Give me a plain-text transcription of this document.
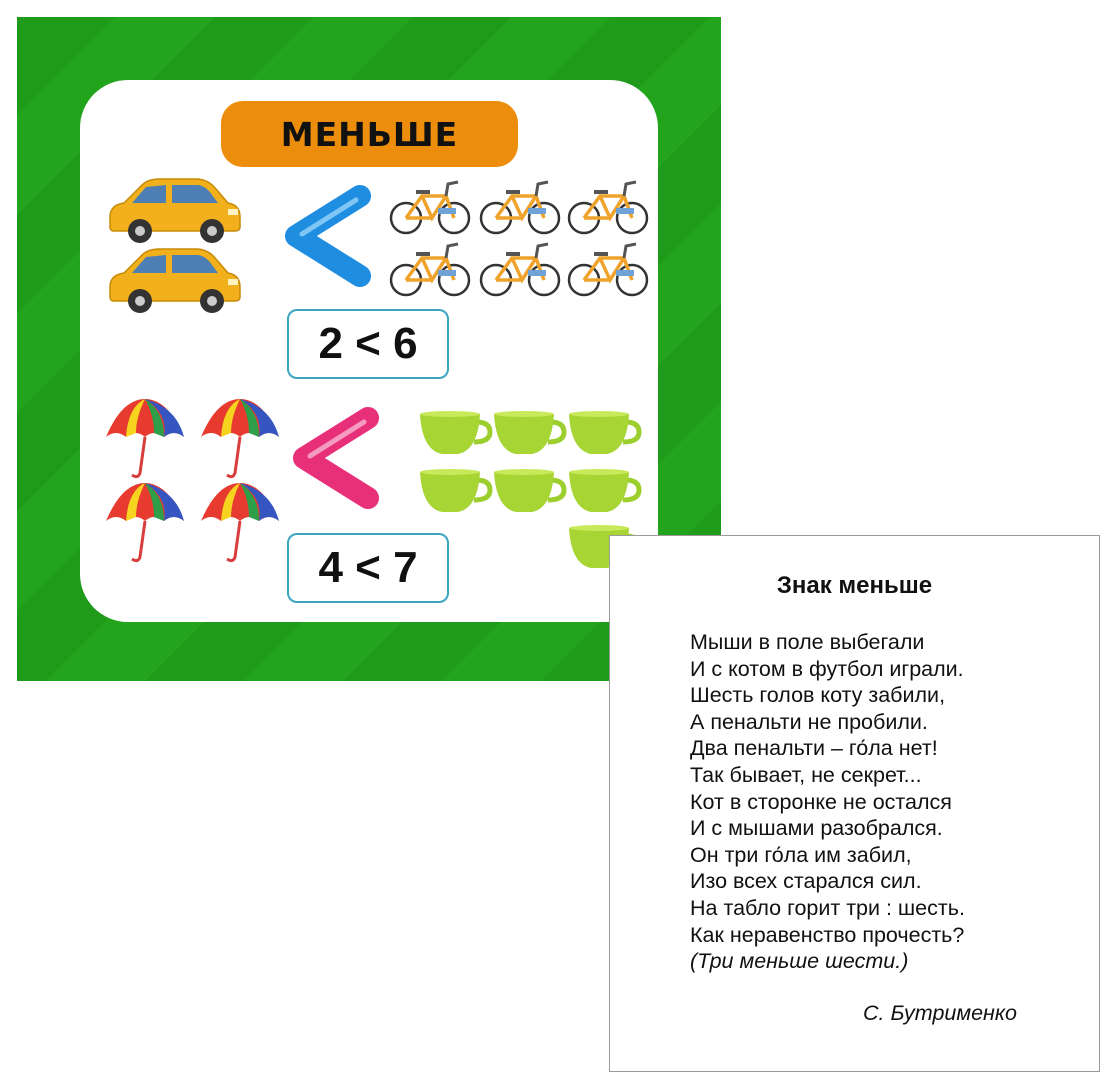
МЕНЬШЕ
2 < 6
4 < 7	Знак меньше
Мыши в поле выбегали
И с котом в футбол играли.
Шесть голов коту забили,
А пенальти не пробили.
Два пенальти – го́ла нет!
Так бывает, не секрет...
Кот в сторонке не остался
И с мышами разобрался.
Он три го́ла им забил,
Изо всех старался сил.
На табло горит три : шесть.
Как неравенство прочесть?
(Три меньше шести.)
С. Бутрименко
